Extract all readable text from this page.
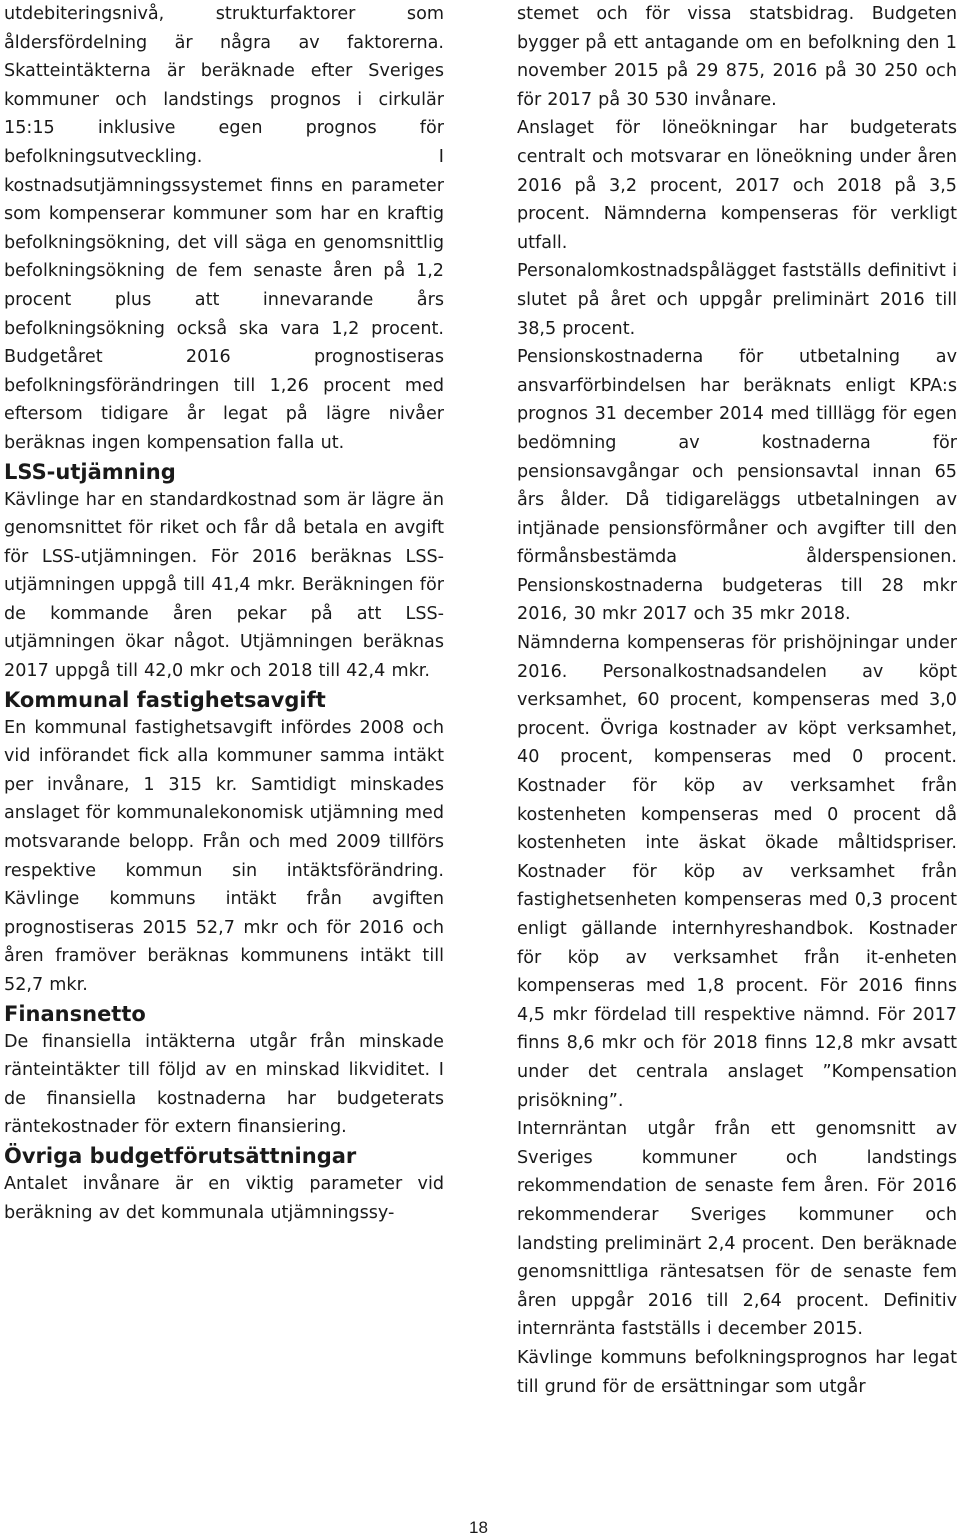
utdebiteringsnivå, strukturfaktorer som åldersfördelning är några av faktorerna. Skatteintäkterna är beräknade efter Sveriges kommuner och landstings prognos i cirkulär 15:15 inklusive egen prognos för befolkningsutveckling. I kostnadsutjämningssystemet finns en parameter som kompenserar kommuner som har en kraftig befolkningsökning, det vill säga en genomsnittlig befolkningsökning de fem senaste åren på 1,2 procent plus att innevarande års befolkningsökning också ska vara 1,2 procent. Budgetåret 2016 prognostiseras befolkningsförändringen till 1,26 procent med eftersom tidigare år legat på lägre nivåer beräknas ingen kompensation falla ut.

LSS-utjämning

Kävlinge har en standardkostnad som är lägre än genomsnittet för riket och får då betala en avgift för LSS-utjämningen. För 2016 beräknas LSS-utjämningen uppgå till 41,4 mkr. Beräkningen för de kommande åren pekar på att LSS-utjämningen ökar något. Utjämningen beräknas 2017 uppgå till 42,0 mkr och 2018 till 42,4 mkr.

Kommunal fastighetsavgift

En kommunal fastighetsavgift infördes 2008 och vid införandet fick alla kommuner samma intäkt per invånare, 1 315 kr. Samtidigt minskades anslaget för kommunalekonomisk utjämning med motsvarande belopp. Från och med 2009 tillförs respektive kommun sin intäktsförändring. Kävlinge kommuns intäkt från avgiften prognostiseras 2015 52,7 mkr och för 2016 och åren framöver beräknas kommunens intäkt till 52,7 mkr.

Finansnetto

De finansiella intäkterna utgår från minskade ränteintäkter till följd av en minskad likviditet. I de finansiella kostnaderna har budgeterats räntekostnader för extern finansiering.

Övriga budgetförutsättningar

Antalet invånare är en viktig parameter vid beräkning av det kommunala utjämningssy-

stemet och för vissa statsbidrag. Budgeten bygger på ett antagande om en befolkning den 1 november 2015 på 29 875, 2016 på 30 250 och för 2017 på 30 530 invånare.

Anslaget för löneökningar har budgeterats centralt och motsvarar en löneökning under åren 2016 på 3,2 procent, 2017 och 2018 på 3,5 procent. Nämnderna kompenseras för verkligt utfall.

Personalomkostnadspålägget fastställs definitivt i slutet på året och uppgår preliminärt 2016 till 38,5 procent.

Pensionskostnaderna för utbetalning av ansvarförbindelsen har beräknats enligt KPA:s prognos 31 december 2014 med tilllägg för egen bedömning av kostnaderna för pensionsavgångar och pensionsavtal innan 65 års ålder. Då tidigareläggs utbetalningen av intjänade pensionsförmåner och avgifter till den förmånsbestämda ålderspensionen. Pensionskostnaderna budgeteras till 28 mkr 2016, 30 mkr 2017 och 35 mkr 2018.

Nämnderna kompenseras för prishöjningar under 2016. Personalkostnadsandelen av köpt verksamhet, 60 procent, kompenseras med 3,0 procent. Övriga kostnader av köpt verksamhet, 40 procent, kompenseras med 0 procent. Kostnader för köp av verksamhet från kostenheten kompenseras med 0 procent då kostenheten inte äskat ökade måltidspriser. Kostnader för köp av verksamhet från fastighetsenheten kompenseras med 0,3 procent enligt gällande internhyreshandbok. Kostnader för köp av verksamhet från it-enheten kompenseras med 1,8 procent. För 2016 finns 4,5 mkr fördelad till respektive nämnd. För 2017 finns 8,6 mkr och för 2018 finns 12,8 mkr avsatt under det centrala anslaget ”Kompensation prisökning”.

Internräntan utgår från ett genomsnitt av Sveriges kommuner och landstings rekommendation de senaste fem åren. För 2016 rekommenderar Sveriges kommuner och landsting preliminärt 2,4 procent. Den beräknade genomsnittliga räntesatsen för de senaste fem åren uppgår 2016 till 2,64 procent. Definitiv internränta fastställs i december 2015.

Kävlinge kommuns befolkningsprognos har legat till grund för de ersättningar som utgår

18
